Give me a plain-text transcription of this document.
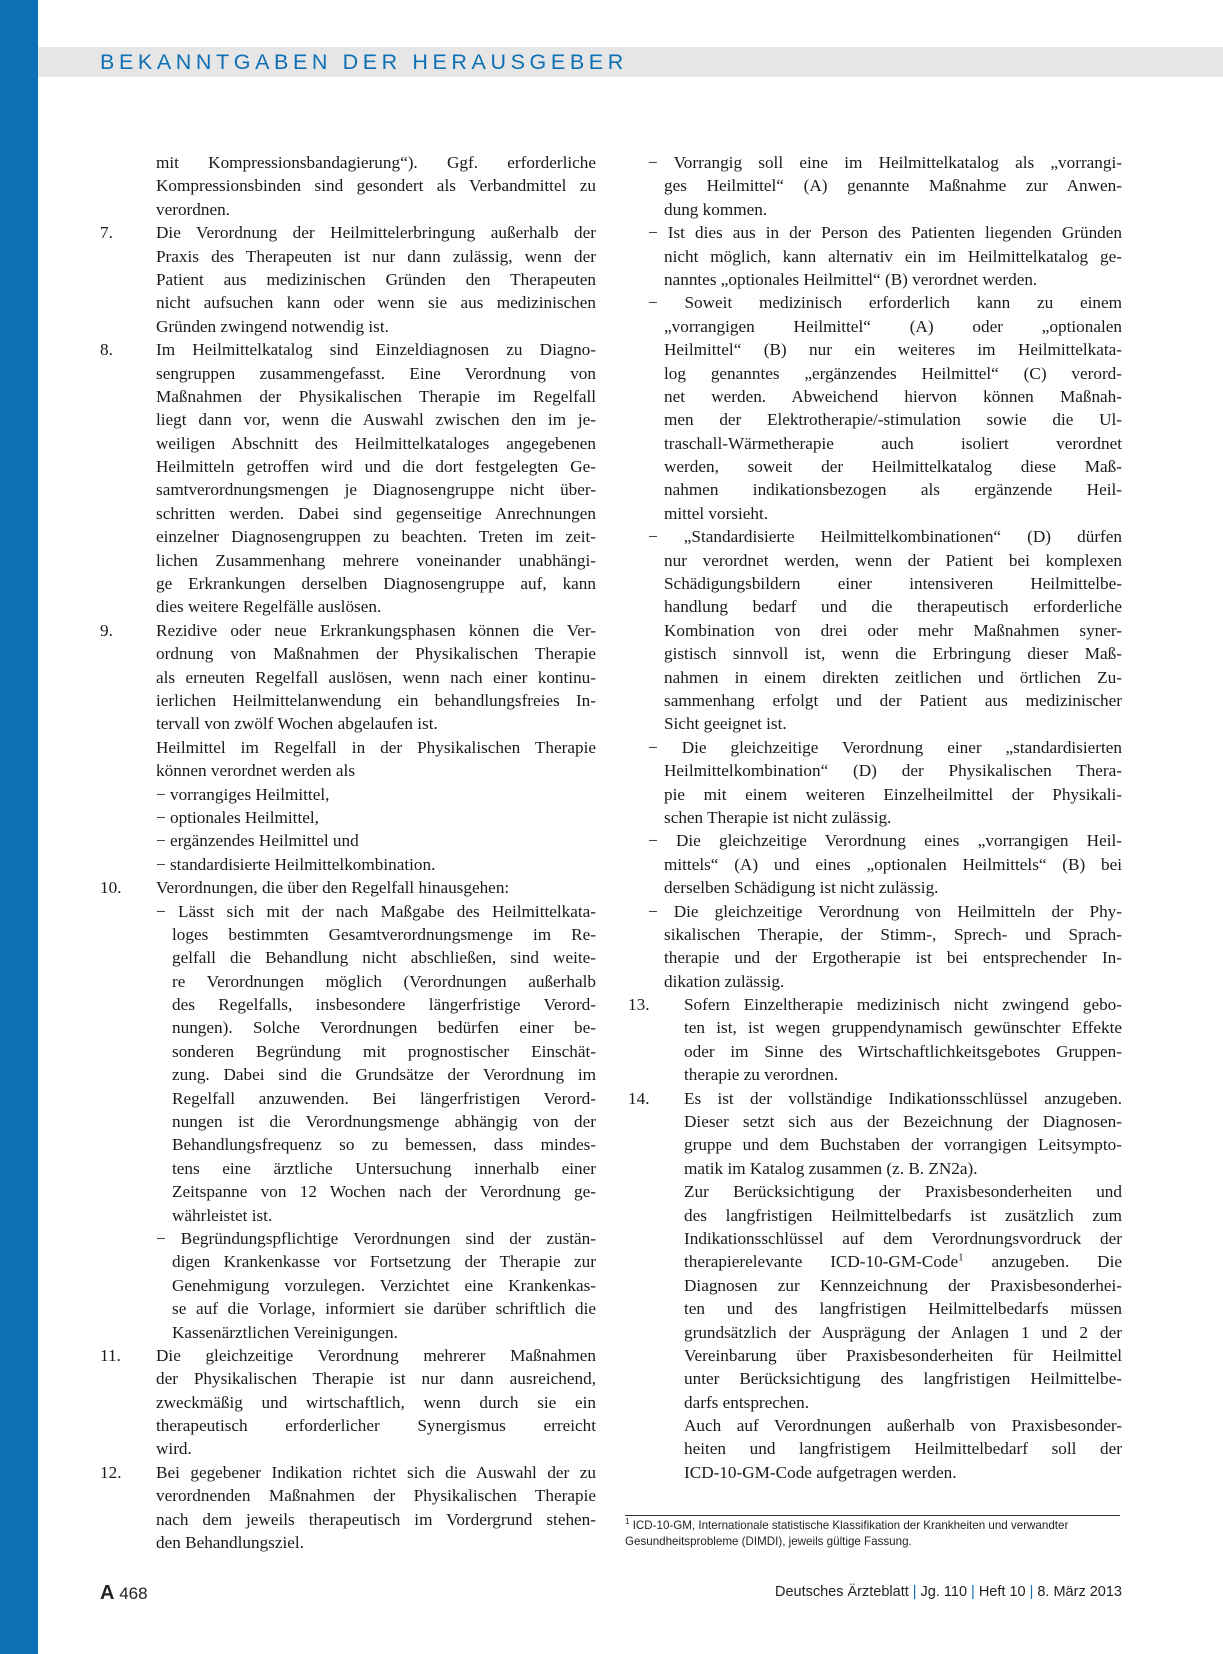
BEKANNTGABEN DER HERAUSGEBER
mit Kompressionsbandagierung“). Ggf. erforderliche
Kompressionsbinden sind gesondert als Verbandmittel zu
verordnen.
7.	Die Verordnung der Heilmittelerbringung außerhalb der
Praxis des Therapeuten ist nur dann zulässig, wenn der
Patient aus medizinischen Gründen den Therapeuten
nicht aufsuchen kann oder wenn sie aus medizinischen
Gründen zwingend notwendig ist.
8.	Im Heilmittelkatalog sind Einzeldiagnosen zu Diagno-
sengruppen zusammengefasst. Eine Verordnung von
Maßnahmen der Physikalischen Therapie im Regelfall
liegt dann vor, wenn die Auswahl zwischen den im je-
weiligen Abschnitt des Heilmittelkataloges angegebenen
Heilmitteln getroffen wird und die dort festgelegten Ge-
samtverordnungsmengen je Diagnosengruppe nicht über-
schritten werden. Dabei sind gegenseitige Anrechnungen
einzelner Diagnosengruppen zu beachten. Treten im zeit-
lichen Zusammenhang mehrere voneinander unabhängi-
ge Erkrankungen derselben Diagnosengruppe auf, kann
dies weitere Regelfälle auslösen.
9.	Rezidive oder neue Erkrankungsphasen können die Ver-
ordnung von Maßnahmen der Physikalischen Therapie
als erneuten Regelfall auslösen, wenn nach einer kontinu-
ierlichen Heilmittelanwendung ein behandlungsfreies In-
tervall von zwölf Wochen abgelaufen ist.
Heilmittel im Regelfall in der Physikalischen Therapie
können verordnet werden als
− vorrangiges Heilmittel,
− optionales Heilmittel,
− ergänzendes Heilmittel und
− standardisierte Heilmittelkombination.
10. Verordnungen, die über den Regelfall hinausgehen:
− Lässt sich mit der nach Maßgabe des Heilmittelkata-
loges bestimmten Gesamtverordnungsmenge im Re-
gelfall die Behandlung nicht abschließen, sind weite-
re Verordnungen möglich (Verordnungen außerhalb
des Regelfalls, insbesondere längerfristige Verord-
nungen). Solche Verordnungen bedürfen einer be-
sonderen Begründung mit prognostischer Einschät-
zung. Dabei sind die Grundsätze der Verordnung im
Regelfall anzuwenden. Bei längerfristigen Verord-
nungen ist die Verordnungsmenge abhängig von der
Behandlungsfrequenz so zu bemessen, dass mindes-
tens eine ärztliche Untersuchung innerhalb einer
Zeitspanne von 12 Wochen nach der Verordnung ge-
währleistet ist.
− Begründungspflichtige Verordnungen sind der zustän-
digen Krankenkasse vor Fortsetzung der Therapie zur
Genehmigung vorzulegen. Verzichtet eine Krankenkas-
se auf die Vorlage, informiert sie darüber schriftlich die
Kassenärztlichen Vereinigungen.
11. Die gleichzeitige Verordnung mehrerer Maßnahmen
der Physikalischen Therapie ist nur dann ausreichend,
zweckmäßig und wirtschaftlich, wenn durch sie ein
therapeutisch erforderlicher Synergismus erreicht
wird.
12. Bei gegebener Indikation richtet sich die Auswahl der zu
verordnenden Maßnahmen der Physikalischen Therapie
nach dem jeweils therapeutisch im Vordergrund stehen-
den Behandlungsziel.
− Vorrangig soll eine im Heilmittelkatalog als „vorrangi-
ges Heilmittel“ (A) genannte Maßnahme zur Anwen-
dung kommen.
− Ist dies aus in der Person des Patienten liegenden Gründen
nicht möglich, kann alternativ ein im Heilmittelkatalog ge-
nanntes „optionales Heilmittel“ (B) verordnet werden.
− Soweit medizinisch erforderlich kann zu einem
„vorrangigen Heilmittel“ (A) oder „optionalen
Heilmittel“ (B) nur ein weiteres im Heilmittelkata-
log genanntes „ergänzendes Heilmittel“ (C) verord-
net werden. Abweichend hiervon können Maßnah-
men der Elektrotherapie/-stimulation sowie die Ul-
traschall-Wärmetherapie auch isoliert verordnet
werden, soweit der Heilmittelkatalog diese Maß-
nahmen indikationsbezogen als ergänzende Heil-
mittel vorsieht.
− „Standardisierte Heilmittelkombinationen“ (D) dürfen
nur verordnet werden, wenn der Patient bei komplexen
Schädigungsbildern einer intensiveren Heilmittelbe-
handlung bedarf und die therapeutisch erforderliche
Kombination von drei oder mehr Maßnahmen syner-
gistisch sinnvoll ist, wenn die Erbringung dieser Maß-
nahmen in einem direkten zeitlichen und örtlichen Zu-
sammenhang erfolgt und der Patient aus medizinischer
Sicht geeignet ist.
− Die gleichzeitige Verordnung einer „standardisierten
Heilmittelkombination“ (D) der Physikalischen Thera-
pie mit einem weiteren Einzelheilmittel der Physikali-
schen Therapie ist nicht zulässig.
− Die gleichzeitige Verordnung eines „vorrangigen Heil-
mittels“ (A) und eines „optionalen Heilmittels“ (B) bei
derselben Schädigung ist nicht zulässig.
− Die gleichzeitige Verordnung von Heilmitteln der Phy-
sikalischen Therapie, der Stimm-, Sprech- und Sprach-
therapie und der Ergotherapie ist bei entsprechender In-
dikation zulässig.
13. Sofern Einzeltherapie medizinisch nicht zwingend gebo-
ten ist, ist wegen gruppendynamisch gewünschter Effekte
oder im Sinne des Wirtschaftlichkeitsgebotes Gruppen-
therapie zu verordnen.
14. Es ist der vollständige Indikationsschlüssel anzugeben.
Dieser setzt sich aus der Bezeichnung der Diagnosen-
gruppe und dem Buchstaben der vorrangigen Leitsympto-
matik im Katalog zusammen (z. B. ZN2a).
Zur Berücksichtigung der Praxisbesonderheiten und
des langfristigen Heilmittelbedarfs ist zusätzlich zum
Indikationsschlüssel auf dem Verordnungsvordruck der
therapierelevante ICD-10-GM-Code$^1$ anzugeben. Die
Diagnosen zur Kennzeichnung der Praxisbesonderhei-
ten und des langfristigen Heilmittelbedarfs müssen
grundsätzlich der Ausprägung der Anlagen 1 und 2 der
Vereinbarung über Praxisbesonderheiten für Heilmittel
unter Berücksichtigung des langfristigen Heilmittelbe-
darfs entsprechen.
Auch auf Verordnungen außerhalb von Praxisbesonder-
heiten und langfristigem Heilmittelbedarf soll der
ICD-10-GM-Code aufgetragen werden.
$^1$ ICD-10-GM, Internationale statistische Klassifikation der Krankheiten und verwandter
Gesundheitsprobleme (DIMDI), jeweils gültige Fassung.
A 468	Deutsches Ärzteblatt | Jg. 110 | Heft 10 | 8. März 2013
